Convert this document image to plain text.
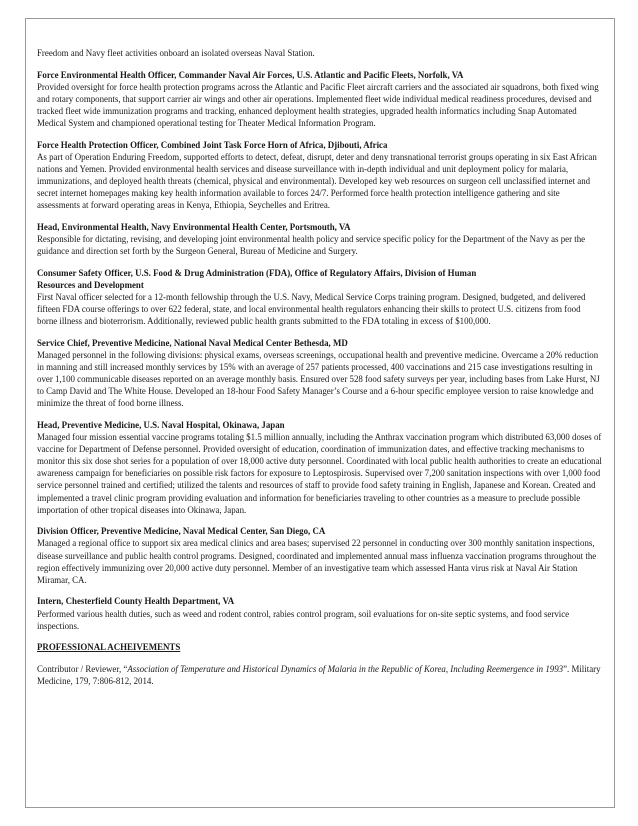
Freedom and Navy fleet activities onboard an isolated overseas Naval Station.

Force Environmental Health Officer, Commander Naval Air Forces, U.S. Atlantic and Pacific Fleets, Norfolk, VA

Provided oversight for force health protection programs across the Atlantic and Pacific Fleet aircraft carriers and the associated air squadrons, both fixed wing and rotary components, that support carrier air wings and other air operations. Implemented fleet wide individual medical readiness procedures, devised and tracked fleet wide immunization programs and tracking, enhanced deployment health strategies, upgraded health informatics including Snap Automated Medical System and championed operational testing for Theater Medical Information Program.

Force Health Protection Officer, Combined Joint Task Force Horn of Africa, Djibouti, Africa

As part of Operation Enduring Freedom, supported efforts to detect, defeat, disrupt, deter and deny transnational terrorist groups operating in six East African nations and Yemen. Provided environmental health services and disease surveillance with in-depth individual and unit deployment policy for malaria, immunizations, and deployed health threats (chemical, physical and environmental). Developed key web resources on surgeon cell unclassified internet and secret internet homepages making key health information available to forces 24/7. Performed force health protection intelligence gathering and site assessments at forward operating areas in Kenya, Ethiopia, Seychelles and Eritrea.

Head, Environmental Health, Navy Environmental Health Center, Portsmouth, VA

Responsible for dictating, revising, and developing joint environmental health policy and service specific policy for the Department of the Navy as per the guidance and direction set forth by the Surgeon General, Bureau of Medicine and Surgery.

Consumer Safety Officer, U.S. Food & Drug Administration (FDA), Office of Regulatory Affairs, Division of Human Resources and Development

First Naval officer selected for a 12-month fellowship through the U.S. Navy, Medical Service Corps training program. Designed, budgeted, and delivered fifteen FDA course offerings to over 622 federal, state, and local environmental health regulators enhancing their skills to protect U.S. citizens from food borne illness and bioterrorism. Additionally, reviewed public health grants submitted to the FDA totaling in excess of $100,000.

Service Chief, Preventive Medicine, National Naval Medical Center Bethesda, MD

Managed personnel in the following divisions: physical exams, overseas screenings, occupational health and preventive medicine. Overcame a 20% reduction in manning and still increased monthly services by 15% with an average of 257 patients processed, 400 vaccinations and 215 case investigations resulting in over 1,100 communicable diseases reported on an average monthly basis. Ensured over 528 food safety surveys per year, including bases from Lake Hurst, NJ to Camp David and The White House. Developed an 18-hour Food Safety Manager’s Course and a 6-hour specific employee version to raise knowledge and minimize the threat of food borne illness.

Head, Preventive Medicine, U.S. Naval Hospital, Okinawa, Japan

Managed four mission essential vaccine programs totaling $1.5 million annually, including the Anthrax vaccination program which distributed 63,000 doses of vaccine for Department of Defense personnel. Provided oversight of education, coordination of immunization dates, and effective tracking mechanisms to monitor this six dose shot series for a population of over 18,000 active duty personnel. Coordinated with local public health authorities to create an educational awareness campaign for beneficiaries on possible risk factors for exposure to Leptospirosis. Supervised over 7,200 sanitation inspections with over 1,000 food service personnel trained and certified; utilized the talents and resources of staff to provide food safety training in English, Japanese and Korean. Created and implemented a travel clinic program providing evaluation and information for beneficiaries traveling to other countries as a measure to preclude possible importation of other tropical diseases into Okinawa, Japan.

Division Officer, Preventive Medicine, Naval Medical Center, San Diego, CA

Managed a regional office to support six area medical clinics and area bases; supervised 22 personnel in conducting over 300 monthly sanitation inspections, disease surveillance and public health control programs. Designed, coordinated and implemented annual mass influenza vaccination programs throughout the region effectively immunizing over 20,000 active duty personnel. Member of an investigative team which assessed Hanta virus risk at Naval Air Station Miramar, CA.

Intern, Chesterfield County Health Department, VA

Performed various health duties, such as weed and rodent control, rabies control program, soil evaluations for on-site septic systems, and food service inspections.

PROFESSIONAL ACHEIVEMENTS

Contributor / Reviewer, “Association of Temperature and Historical Dynamics of Malaria in the Republic of Korea, Including Reemergence in 1993”. Military Medicine, 179, 7:806-812, 2014.
